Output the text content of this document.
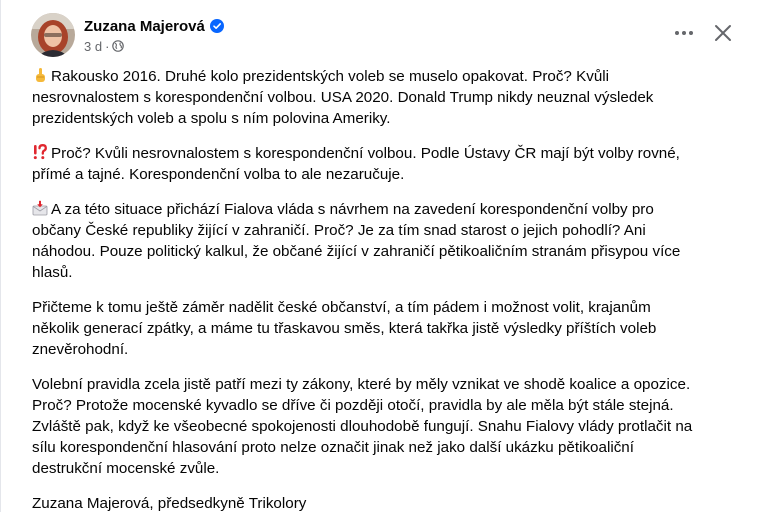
Zuzana Majerová
3 d ·

Rakousko 2016. Druhé kolo prezidentských voleb se muselo opakovat. Proč? Kvůli
nesrovnalostem s korespondenční volbou. USA 2020. Donald Trump nikdy neuznal výsledek
prezidentských voleb a spolu s ním polovina Ameriky.

Proč? Kvůli nesrovnalostem s korespondenční volbou. Podle Ústavy ČR mají být volby rovné,
přímé a tajné. Korespondenční volba to ale nezaručuje.

A za této situace přichází Fialova vláda s návrhem na zavedení korespondenční volby pro
občany České republiky žijící v zahraničí. Proč? Je za tím snad starost o jejich pohodlí? Ani
náhodou. Pouze politický kalkul, že občané žijící v zahraničí pětikoaličním stranám přisypou více
hlasů.

Přičteme k tomu ještě záměr nadělit české občanství, a tím pádem i možnost volit, krajanům
několik generací zpátky, a máme tu třaskavou směs, která takřka jistě výsledky příštích voleb
znevěrohodní.

Volební pravidla zcela jistě patří mezi ty zákony, které by měly vznikat ve shodě koalice a opozice.
Proč? Protože mocenské kyvadlo se dříve či později otočí, pravidla by ale měla být stále stejná.
Zvláště pak, když ke všeobecné spokojenosti dlouhodobě fungují. Snahu Fialovy vlády protlačit na
sílu korespondenční hlasování proto nelze označit jinak než jako další ukázku pětikoaliční
destrukční mocenské zvůle.

Zuzana Majerová, předsedkyně Trikolory
